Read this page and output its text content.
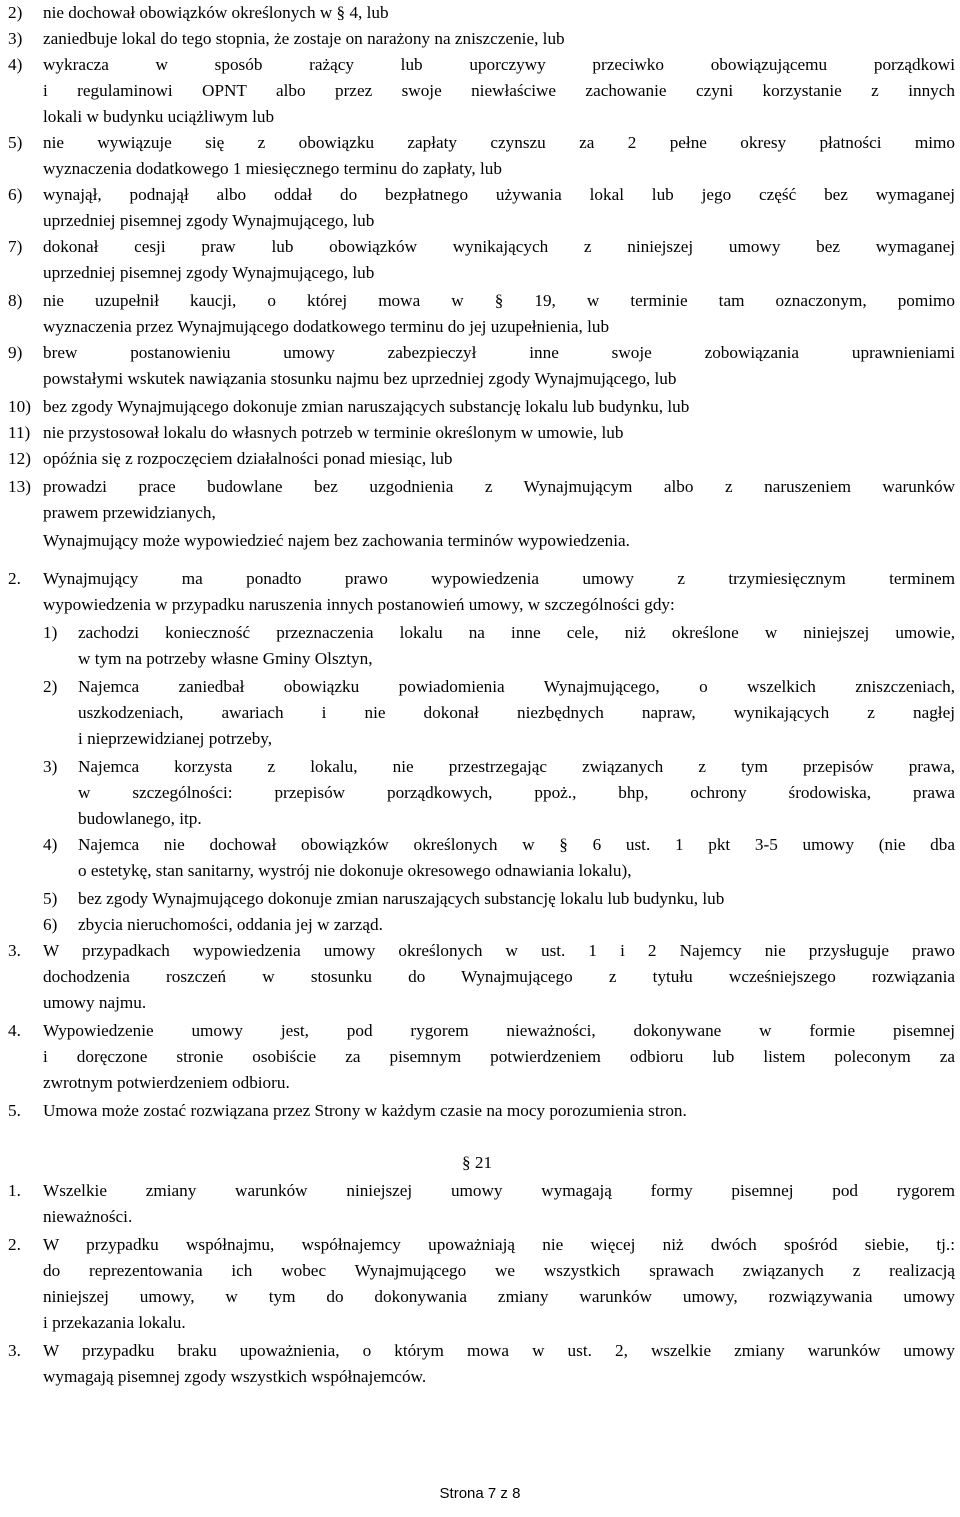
2) nie dochował obowiązków określonych w § 4, lub
3) zaniedbuje lokal do tego stopnia, że zostaje on narażony na zniszczenie, lub
4) wykracza w sposób rażący lub uporczywy przeciwko obowiązującemu porządkowi
i regulaminowi OPNT albo przez swoje niewłaściwe zachowanie czyni korzystanie z innych
lokali w budynku uciążliwym lub
5) nie wywiązuje się z obowiązku zapłaty czynszu za 2 pełne okresy płatności mimo
wyznaczenia dodatkowego 1 miesięcznego terminu do zapłaty, lub
6) wynajął, podnajął albo oddał do bezpłatnego używania lokal lub jego część bez wymaganej
uprzedniej pisemnej zgody Wynajmującego, lub
7) dokonał cesji praw lub obowiązków wynikających z niniejszej umowy bez wymaganej
uprzedniej pisemnej zgody Wynajmującego, lub
8) nie uzupełnił kaucji, o której mowa w § 19, w terminie tam oznaczonym, pomimo
wyznaczenia przez Wynajmującego dodatkowego terminu do jej uzupełnienia, lub
9) brew postanowieniu umowy zabezpieczył inne swoje zobowiązania uprawnieniami
powstałymi wskutek nawiązania stosunku najmu bez uprzedniej zgody Wynajmującego, lub
10) bez zgody Wynajmującego dokonuje zmian naruszających substancję lokalu lub budynku, lub
11) nie przystosował lokalu do własnych potrzeb w terminie określonym w umowie, lub
12) opóźnia się z rozpoczęciem działalności ponad miesiąc, lub
13) prowadzi prace budowlane bez uzgodnienia z Wynajmującym albo z naruszeniem warunków
prawem przewidzianych,
Wynajmujący może wypowiedzieć najem bez zachowania terminów wypowiedzenia.
2. Wynajmujący ma ponadto prawo wypowiedzenia umowy z trzymiesięcznym terminem
wypowiedzenia w przypadku naruszenia innych postanowień umowy, w szczególności gdy:
1) zachodzi konieczność przeznaczenia lokalu na inne cele, niż określone w niniejszej umowie,
w tym na potrzeby własne Gminy Olsztyn,
2) Najemca zaniedbał obowiązku powiadomienia Wynajmującego, o wszelkich zniszczeniach,
uszkodzeniach, awariach i nie dokonał niezbędnych napraw, wynikających z nagłej
i nieprzewidzianej potrzeby,
3) Najemca korzysta z lokalu, nie przestrzegając związanych z tym przepisów prawa,
w szczególności: przepisów porządkowych, ppoż., bhp, ochrony środowiska, prawa
budowlanego, itp.
4) Najemca nie dochował obowiązków określonych w § 6 ust. 1 pkt 3-5 umowy (nie dba
o estetykę, stan sanitarny, wystrój nie dokonuje okresowego odnawiania lokalu),
5) bez zgody Wynajmującego dokonuje zmian naruszających substancję lokalu lub budynku, lub
6) zbycia nieruchomości, oddania jej w zarząd.
3. W przypadkach wypowiedzenia umowy określonych w ust. 1 i 2 Najemcy nie przysługuje prawo
dochodzenia roszczeń w stosunku do Wynajmującego z tytułu wcześniejszego rozwiązania
umowy najmu.
4. Wypowiedzenie umowy jest, pod rygorem nieważności, dokonywane w formie pisemnej
i doręczone stronie osobiście za pisemnym potwierdzeniem odbioru lub listem poleconym za
zwrotnym potwierdzeniem odbioru.
5. Umowa może zostać rozwiązana przez Strony w każdym czasie na mocy porozumienia stron.
§ 21
1. Wszelkie zmiany warunków niniejszej umowy wymagają formy pisemnej pod rygorem
nieważności.
2. W przypadku współnajmu, współnajemcy upoważniają nie więcej niż dwóch spośród siebie, tj.:
do reprezentowania ich wobec Wynajmującego we wszystkich sprawach związanych z realizacją
niniejszej umowy, w tym do dokonywania zmiany warunków umowy, rozwiązywania umowy
i przekazania lokalu.
3. W przypadku braku upoważnienia, o którym mowa w ust. 2, wszelkie zmiany warunków umowy
wymagają pisemnej zgody wszystkich współnajemców.
Strona 7 z 8
